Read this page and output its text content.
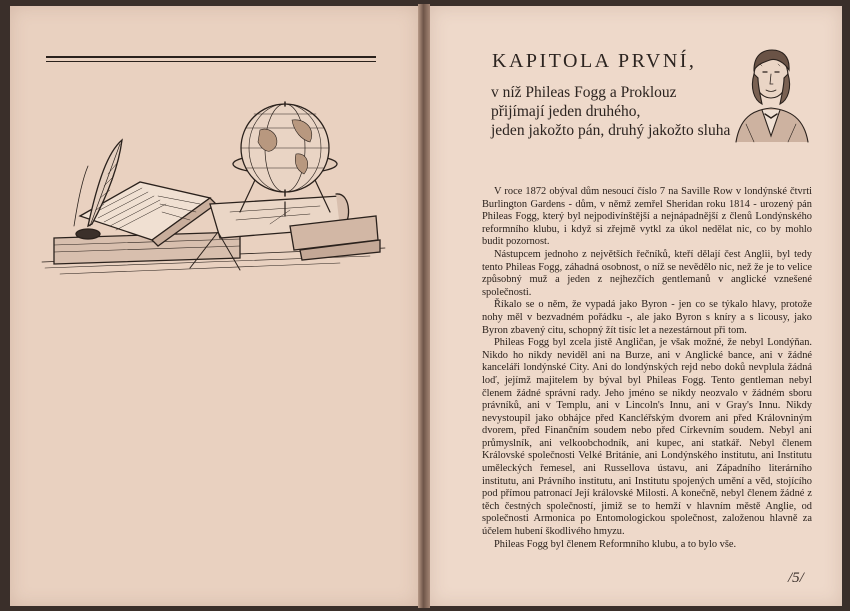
KAPITOLA PRVNÍ,
v níž Phileas Fogg a Proklouz
přijímají jeden druhého,
jeden jakožto pán, druhý jakožto sluha

V roce 1872 obýval dům nesoucí číslo 7 na Saville Row v londýnské čtvrti Burlington Gardens - dům, v němž zemřel Sheridan roku 1814 - urozený pán Phileas Fogg, který byl nejpodivínštější a nejnápadnější z členů Londýnského reformního klubu, i když si zřejmě vytkl za úkol nedělat nic, co by mohlo budit pozornost.

Nástupcem jednoho z největších řečníků, kteří dělají čest Anglii, byl tedy tento Phileas Fogg, záhadná osobnost, o níž se nevědělo nic, než že je to velice způsobný muž a jeden z nejhezčích gentlemanů v anglické vznešené společnosti.

Říkalo se o něm, že vypadá jako Byron - jen co se týkalo hlavy, protože nohy měl v bezvadném pořádku -, ale jako Byron s kníry a s licousy, jako Byron zbavený citu, schopný žít tisíc let a nezestárnout při tom.

Phileas Fogg byl zcela jistě Angličan, je však možné, že nebyl Londýňan. Nikdo ho nikdy neviděl ani na Burze, ani v Anglické bance, ani v žádné kanceláři londýnské City. Ani do londýnských rejd nebo doků nevplula žádná loď, jejímž majitelem by býval byl Phileas Fogg. Tento gentleman nebyl členem žádné správní rady. Jeho jméno se nikdy neozvalo v žádném sboru právníků, ani v Templu, ani v Lincoln's Innu, ani v Gray's Innu. Nikdy nevystoupil jako obhájce před Kancléřským dvorem ani před Královniným dvorem, před Finančním soudem nebo před Církevním soudem. Nebyl ani průmyslník, ani velkoobchodník, ani kupec, ani statkář. Nebyl členem Královské společnosti Velké Británie, ani Londýnského institutu, ani Institutu uměleckých řemesel, ani Russellova ústavu, ani Západního literárního institutu, ani Právního institutu, ani Institutu spojených umění a věd, stojícího pod přímou patronací Její královské Milosti. A konečně, nebyl členem žádné z těch čestných společností, jimiž se to hemží v hlavním městě Anglie, od společnosti Armonica po Entomologickou společnost, založenou hlavně za účelem hubení škodlivého hmyzu.

Phileas Fogg byl členem Reformního klubu, a to bylo vše.

/5/
